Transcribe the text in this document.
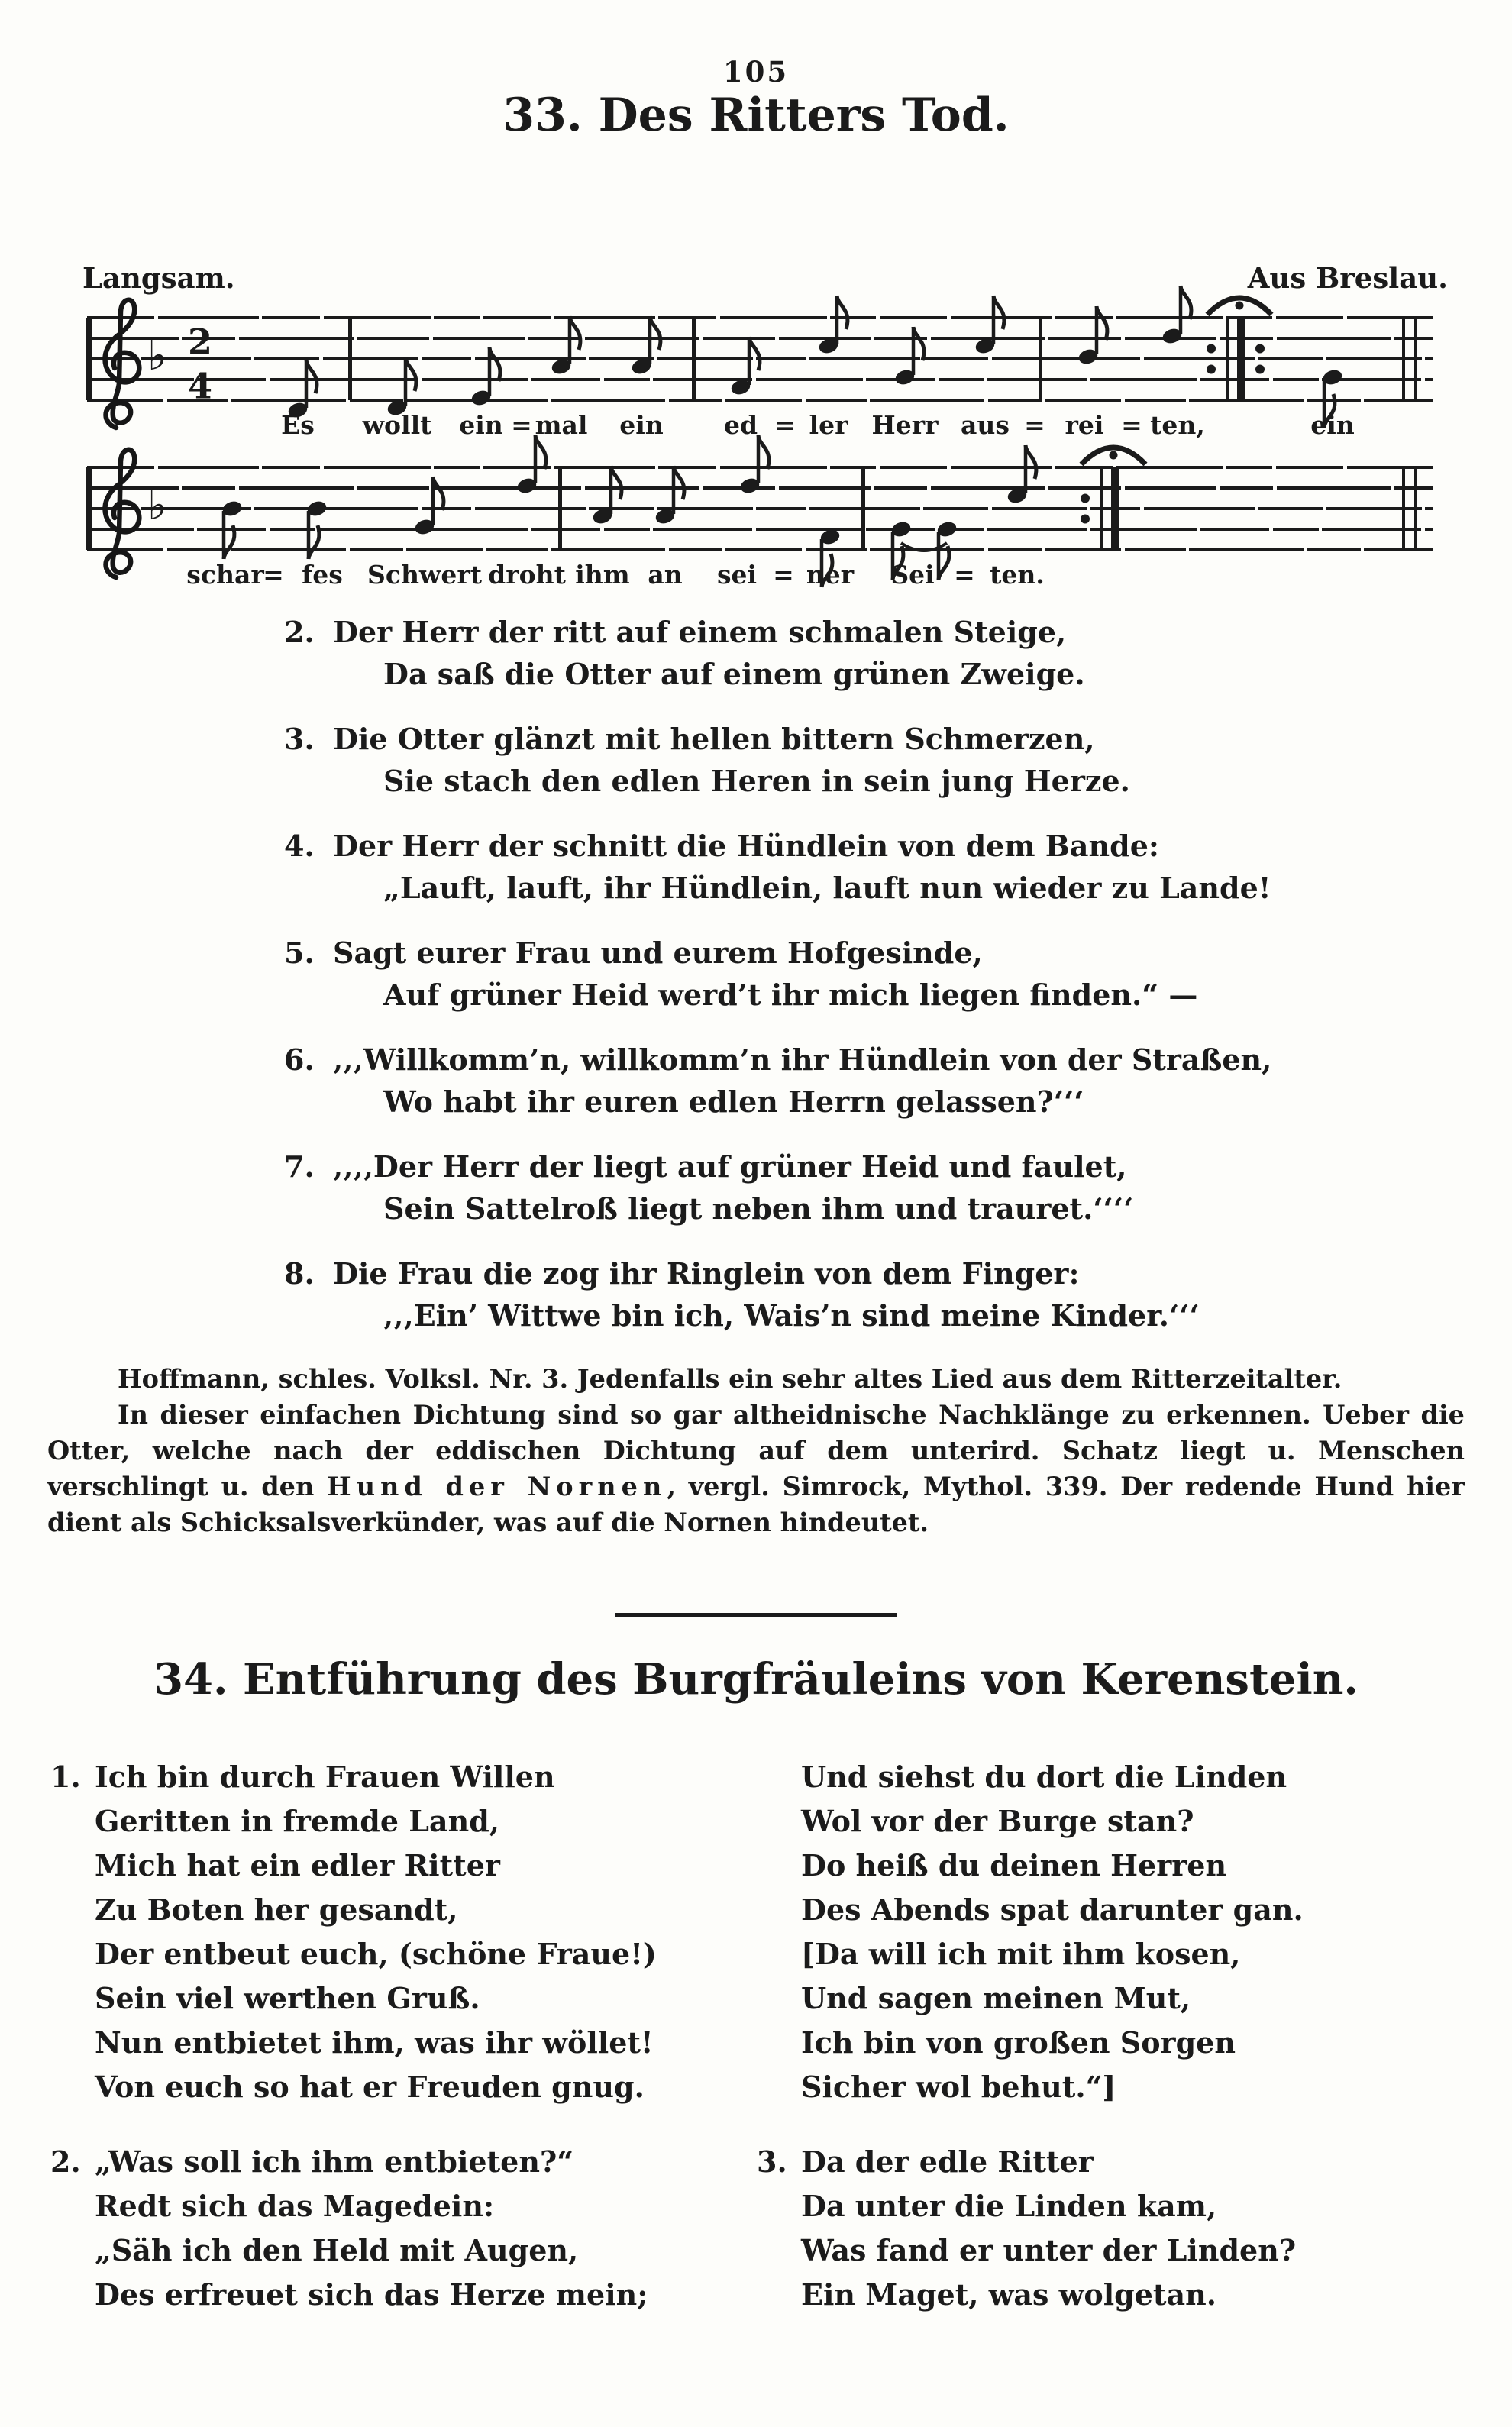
105
33. Des Ritters Tod.
Langsam.	Aus Breslau.
♭ 2
4
Es wollt ein = mal ein ed = ler Herr aus = rei = ten,	ein
♭
schar
= fes Schwert droht ihm an sei = ner Sei = ten.
2. Der Herr der ritt auf einem schmalen Steige,
Da saß die Otter auf einem grünen Zweige.
3. Die Otter glänzt mit hellen bittern Schmerzen,
Sie stach den edlen Heren in sein jung Herze.
4. Der Herr der schnitt die Hündlein von dem Bande:
„Lauft, lauft, ihr Hündlein, lauft nun wieder zu Lande!
5. Sagt eurer Frau und eurem Hofgesinde,
Auf grüner Heid werd’t ihr mich liegen finden.“ —
6. ‚‚‚Willkomm’n, willkomm’n ihr Hündlein von der Straßen,
Wo habt ihr euren edlen Herrn gelassen?‘‘‘
7. ‚‚‚‚Der Herr der liegt auf grüner Heid und faulet,
Sein Sattelroß liegt neben ihm und trauret.‘‘‘‘
8. Die Frau die zog ihr Ringlein von dem Finger:
‚‚‚Ein’ Wittwe bin ich, Wais’n sind meine Kinder.‘‘‘

Hoffmann, schles. Volksl. Nr. 3. Jedenfalls ein sehr altes Lied aus dem Ritterzeitalter.

In dieser einfachen Dichtung sind so gar altheidnische Nachklänge zu erkennen. Ueber die Otter, welche nach der eddischen Dichtung auf dem unterird. Schatz liegt u. Menschen verschlingt u. den Hund der Nornen, vergl. Simrock, Mythol. 339. Der redende Hund hier dient als Schicksalsverkünder, was auf die Nornen hindeutet.

34. Entführung des Burgfräuleins von Kerenstein.
1. Ich bin durch Frauen Willen
Geritten in fremde Land,
Mich hat ein edler Ritter
Zu Boten her gesandt,
Der entbeut euch, (schöne Fraue!)
Sein viel werthen Gruß.
Nun entbietet ihm, was ihr wöllet!
Von euch so hat er Freuden gnug.
2. „Was soll ich ihm entbieten?“
Redt sich das Magedein:
„Säh ich den Held mit Augen,
Des erfreuet sich das Herze mein;
Und siehst du dort die Linden
Wol vor der Burge stan?
Do heiß du deinen Herren
Des Abends spat darunter gan.
[Da will ich mit ihm kosen,
Und sagen meinen Mut,
Ich bin von großen Sorgen
Sicher wol behut.“]
3. Da der edle Ritter
Da unter die Linden kam,
Was fand er unter der Linden?
Ein Maget, was wolgetan.
